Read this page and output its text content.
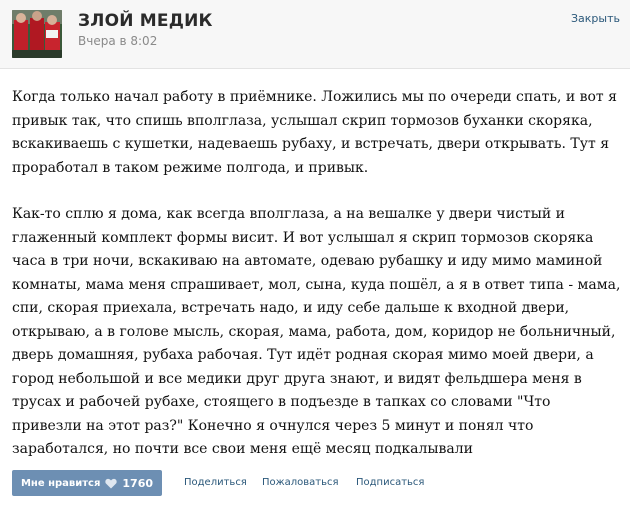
ЗЛОЙ МЕДИК
Вчера в 8:02
Закрыть

Когда только начал работу в приёмнике. Ложились мы по очереди спать, и вот я привык так, что спишь вполглаза, услышал скрип тормозов буханки скоряка, вскакиваешь с кушетки, надеваешь рубаху, и встречать, двери открывать. Тут я проработал в таком режиме полгода, и привык.

Как-то сплю я дома, как всегда вполглаза, а на вешалке у двери чистый и глаженный комплект формы висит. И вот услышал я скрип тормозов скоряка часа в три ночи, вскакиваю на автомате, одеваю рубашку и иду мимо маминой комнаты, мама меня спрашивает, мол, сына, куда пошёл, а я в ответ типа - мама, спи, скорая приехала, встречать надо, и иду себе дальше к входной двери, открываю, а в голове мысль, скорая, мама, работа, дом, коридор не больничный, дверь домашняя, рубаха рабочая. Тут идёт родная скорая мимо моей двери, а город небольшой и все медики друг друга знают, и видят фельдшера меня в трусах и рабочей рубахе, стоящего в подъезде в тапках со словами "Что привезли на этот раз?" Конечно я очнулся через 5 минут и понял что заработался, но почти все свои меня ещё месяц подкалывали

Мне нравится 1760	Поделиться Пожаловаться Подписаться
